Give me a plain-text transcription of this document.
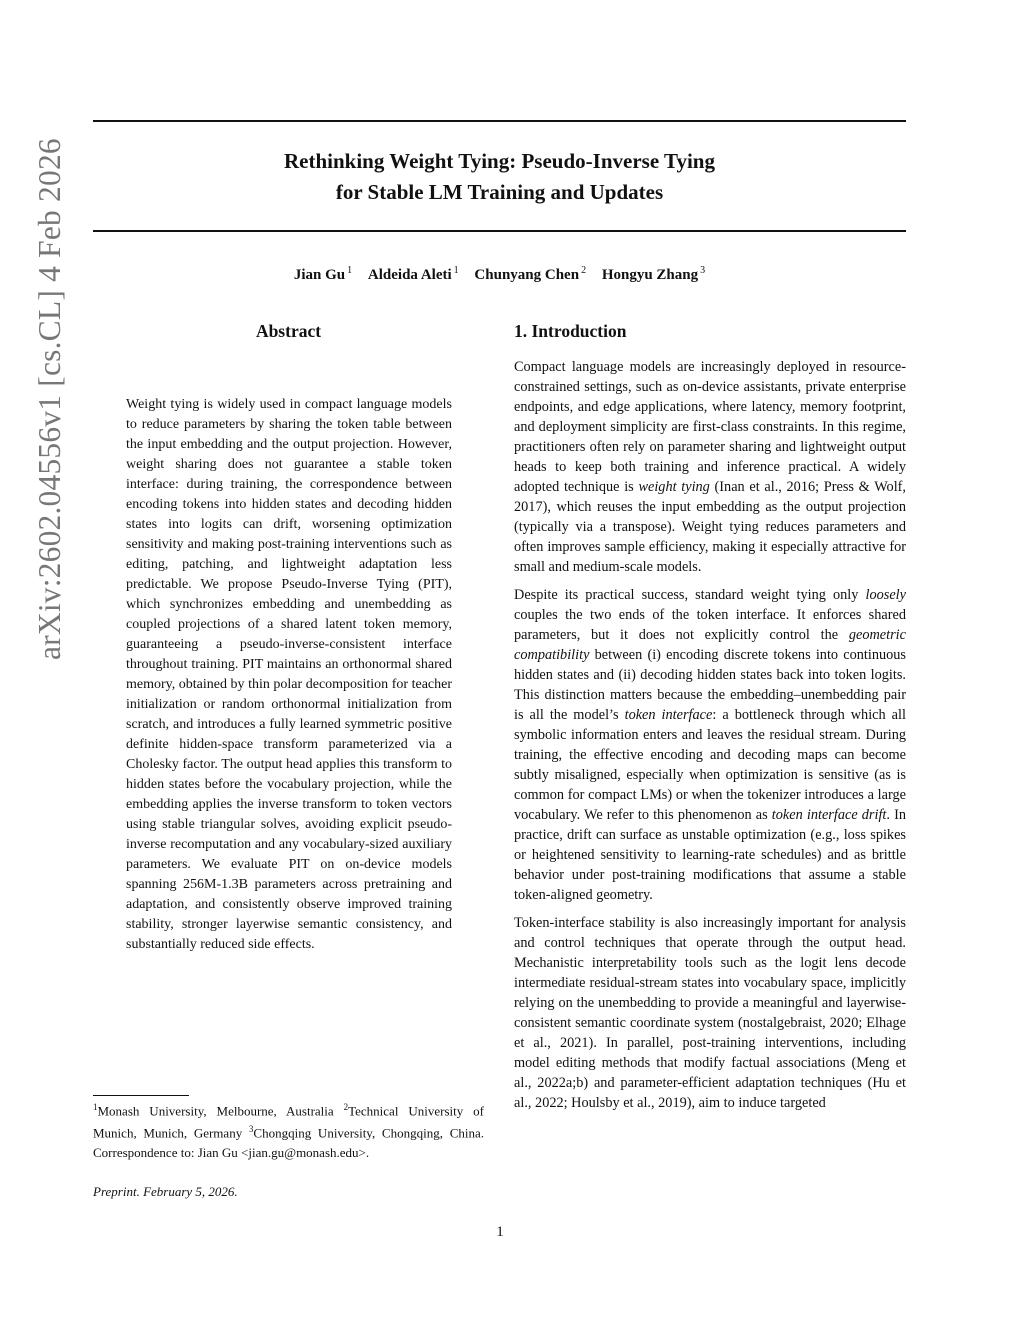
arXiv:2602.04556v1 [cs.CL] 4 Feb 2026	Rethinking Weight Tying: Pseudo-Inverse Tying
for Stable LM Training and Updates
Jian Gu $^1$ Aldeida Aleti $^1$ Chunyang Chen $^2$ Hongyu Zhang $^3$
Abstract
Weight tying is widely used in compact language models to reduce parameters by sharing the token table between the input embedding and the output projection. However, weight sharing does not guarantee a stable token interface: during training, the correspondence between encoding tokens into hidden states and decoding hidden states into logits can drift, worsening optimization sensitivity and making post-training interventions such as editing, patching, and lightweight adaptation less predictable. We propose Pseudo-Inverse Tying (PIT), which synchronizes embedding and unembedding as coupled projections of a shared latent token memory, guaranteeing a pseudo-inverse-consistent interface throughout training. PIT maintains an orthonormal shared memory, obtained by thin polar decomposition for teacher initialization or random orthonormal initialization from scratch, and introduces a fully learned symmetric positive definite hidden-space transform parameterized via a Cholesky factor. The output head applies this transform to hidden states before the vocabulary projection, while the embedding applies the inverse transform to token vectors using stable triangular solves, avoiding explicit pseudo-inverse recomputation and any vocabulary-sized auxiliary parameters. We evaluate PIT on on-device models spanning 256M-1.3B parameters across pretraining and adaptation, and consistently observe improved training stability, stronger layerwise semantic consistency, and substantially reduced side effects.
1. Introduction

Compact language models are increasingly deployed in resource-constrained settings, such as on-device assistants, private enterprise endpoints, and edge applications, where latency, memory footprint, and deployment simplicity are first-class constraints. In this regime, practitioners often rely on parameter sharing and lightweight output heads to keep both training and inference practical. A widely adopted technique is weight tying (Inan et al., 2016; Press & Wolf, 2017), which reuses the input embedding as the output projection (typically via a transpose). Weight tying reduces parameters and often improves sample efficiency, making it especially attractive for small and medium-scale models.

Despite its practical success, standard weight tying only loosely couples the two ends of the token interface. It enforces shared parameters, but it does not explicitly control the geometric compatibility between (i) encoding discrete tokens into continuous hidden states and (ii) decoding hidden states back into token logits. This distinction matters because the embedding–unembedding pair is all the model’s token interface: a bottleneck through which all symbolic information enters and leaves the residual stream. During training, the effective encoding and decoding maps can become subtly misaligned, especially when optimization is sensitive (as is common for compact LMs) or when the tokenizer introduces a large vocabulary. We refer to this phenomenon as token interface drift. In practice, drift can surface as unstable optimization (e.g., loss spikes or heightened sensitivity to learning-rate schedules) and as brittle behavior under post-training modifications that assume a stable token-aligned geometry.

Token-interface stability is also increasingly important for analysis and control techniques that operate through the output head. Mechanistic interpretability tools such as the logit lens decode intermediate residual-stream states into vocabulary space, implicitly relying on the unembedding to provide a meaningful and layerwise-consistent semantic coordinate system (nostalgebraist, 2020; Elhage et al., 2021). In parallel, post-training interventions, including model editing methods that modify factual associations (Meng et al., 2022a;b) and parameter-efficient adaptation techniques (Hu et al., 2022; Houlsby et al., 2019), aim to induce targeted

$^1$Monash University, Melbourne, Australia $^2$Technical University of Munich, Munich, Germany $^3$Chongqing University, Chongqing, China. Correspondence to: Jian Gu <jian.gu@monash.edu>.
Preprint. February 5, 2026.
1
